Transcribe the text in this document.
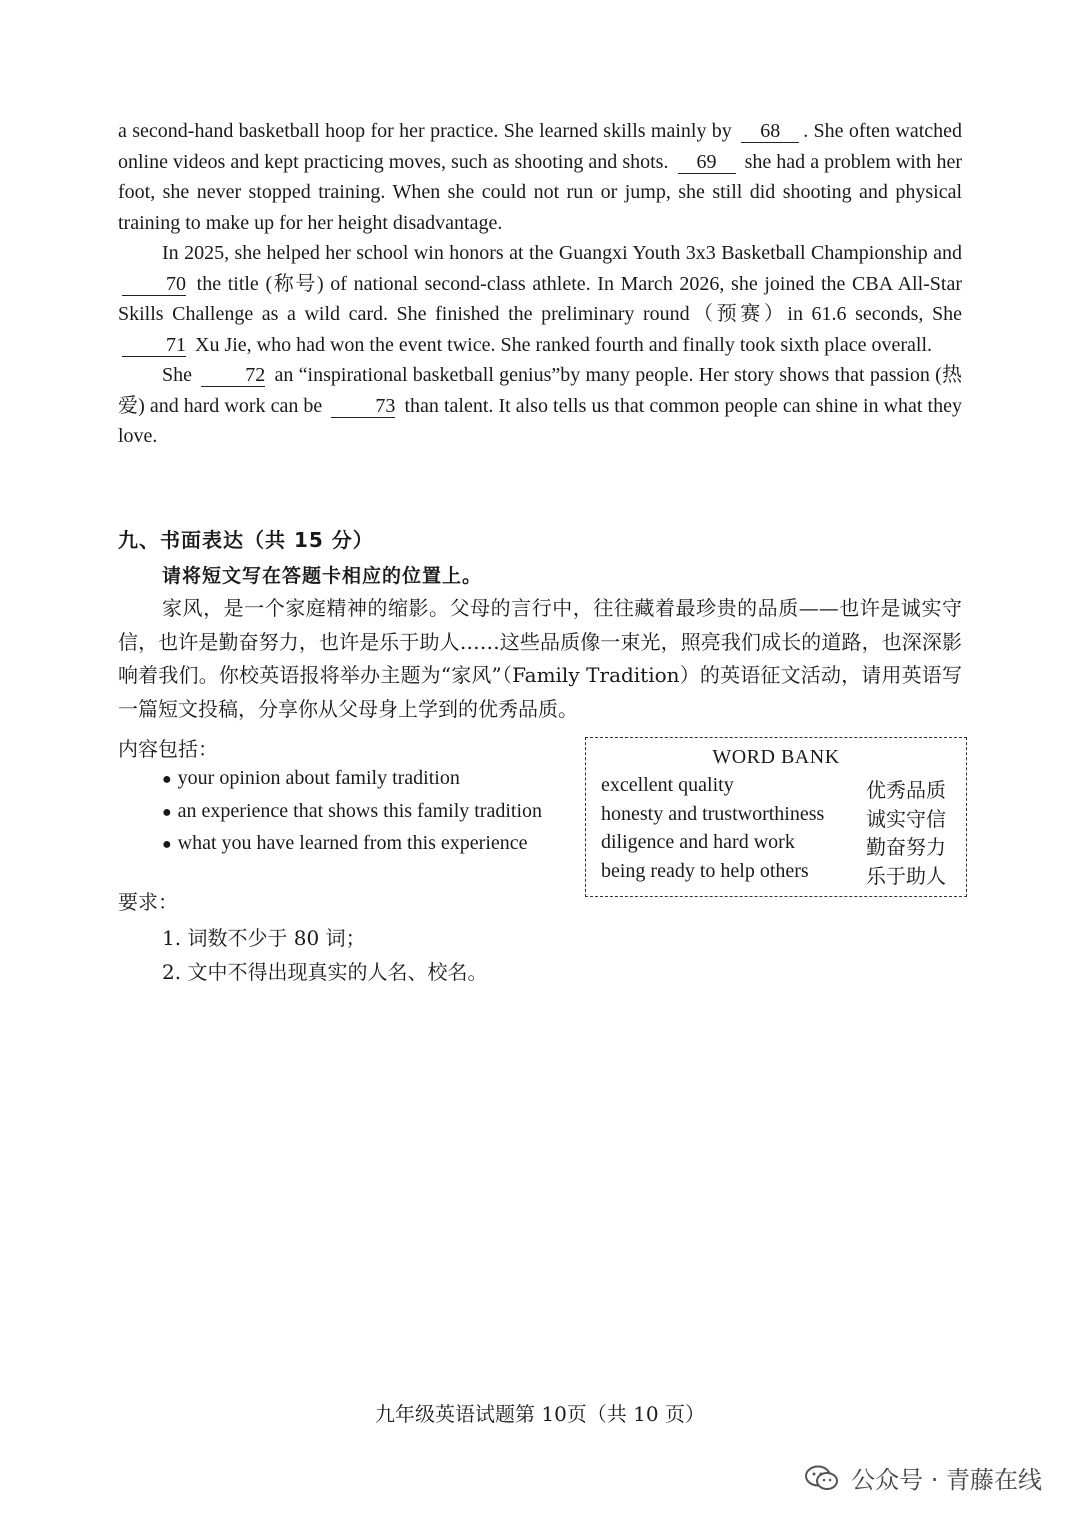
a second-hand basketball hoop for her practice. She learned skills mainly by 68 . She often watched online videos and kept practicing moves, such as shooting and shots. 69 she had a problem with her foot, she never stopped training. When she could not run or jump, she still did shooting and physical training to make up for her height disadvantage.

In 2025, she helped her school win honors at the Guangxi Youth 3x3 Basketball Championship and 70 the title (称号) of national second-class athlete. In March 2026, she joined the CBA All-Star Skills Challenge as a wild card. She finished the preliminary round（预赛）in 61.6 seconds, She 71 Xu Jie, who had won the event twice. She ranked fourth and finally took sixth place overall.

She	72 an “inspirational basketball genius”by many people. Her story shows that passion (热爱) and hard work can be	73 than talent. It also tells us that common people can shine in what they love.

九、书面表达（共 15 分）
请将短文写在答题卡相应的位置上。

家风，是一个家庭精神的缩影。父母的言行中，往往藏着最珍贵的品质——也许是诚实守信，也许是勤奋努力，也许是乐于助人……这些品质像一束光，照亮我们成长的道路，也深深影响着我们。你校英语报将举办主题为“家风”（Family Tradition）的英语征文活动，请用英语写一篇短文投稿，分享你从父母身上学到的优秀品质。

内容包括：
● your opinion about family tradition
● an experience that shows this family tradition
● what you have learned from this experience
WORD BANK
excellent quality	优秀品质
honesty and trustworthiness 诚实守信
diligence and hard work	勤奋努力
being ready to help others	乐于助人
要求：
1. 词数不少于 80 词；
2. 文中不得出现真实的人名、校名。
九年级英语试题第 10页（共 10 页）
公众号 · 青藤在线
